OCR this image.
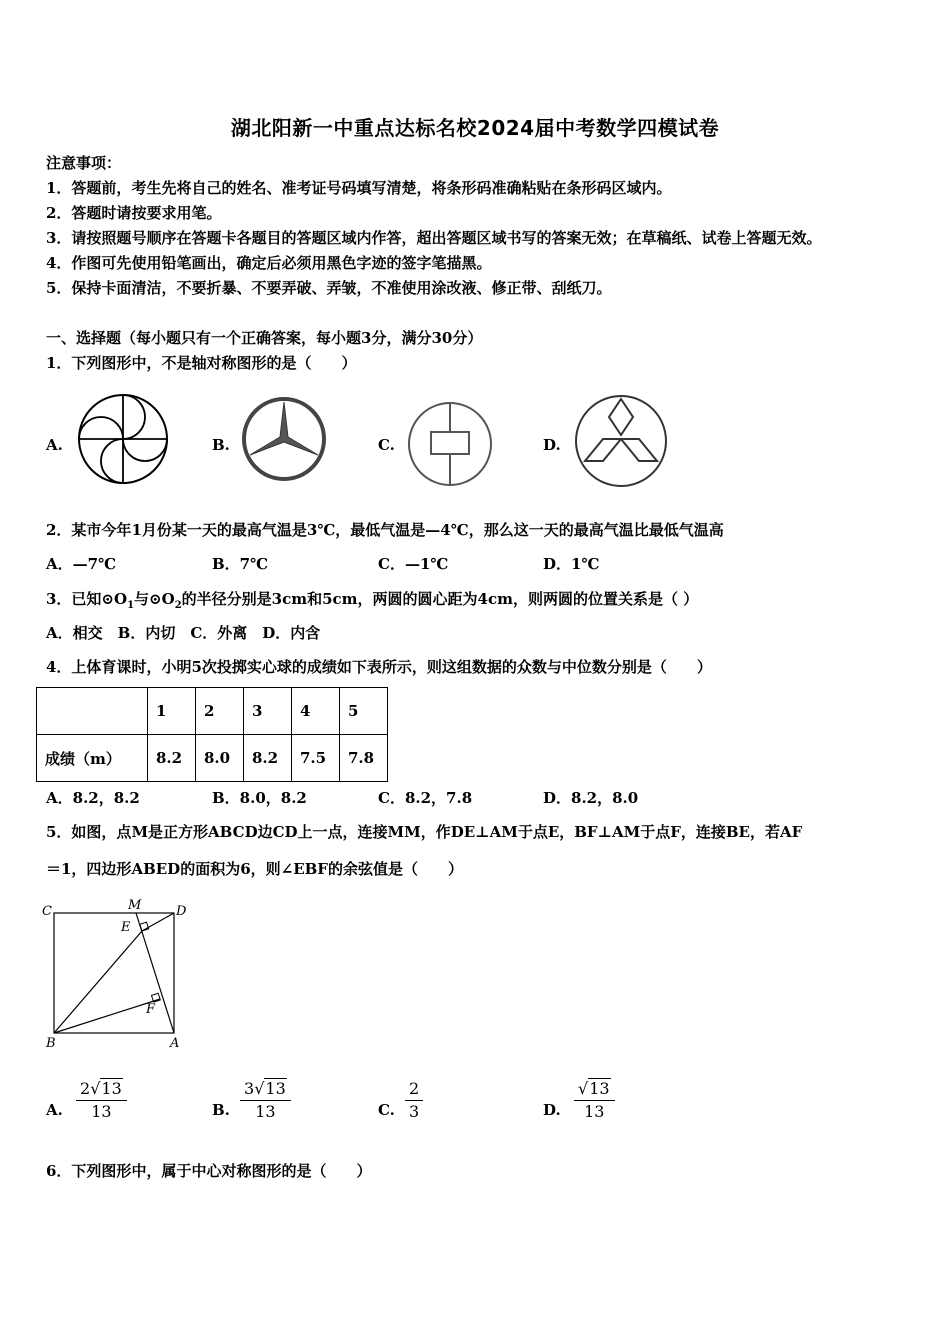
湖北阳新一中重点达标名校2024届中考数学四模试卷
注意事项：
1．答题前，考生先将自己的姓名、准考证号码填写清楚，将条形码准确粘贴在条形码区域内。
2．答题时请按要求用笔。
3．请按照题号顺序在答题卡各题目的答题区域内作答，超出答题区域书写的答案无效；在草稿纸、试卷上答题无效。
4．作图可先使用铅笔画出，确定后必须用黑色字迹的签字笔描黑。
5．保持卡面清洁，不要折暴、不要弄破、弄皱，不准使用涂改液、修正带、刮纸刀。
一、选择题（每小题只有一个正确答案，每小题3分，满分30分）
1．下列图形中，不是轴对称图形的是（　　）
A.	B.	C.	D.
2．某市今年1月份某一天的最高气温是3℃，最低气温是—4℃，那么这一天的最高气温比最低气温高
A．—7℃	B．7℃	C．—1℃	D．1℃
3．已知$⊙O_1$与$⊙O_2$的半径分别是3cm和5cm，两圆的圆心距为4cm，则两圆的位置关系是（ ）
A．相交　B．内切　C．外离　D．内含
4．上体育课时，小明5次投掷实心球的成绩如下表所示，则这组数据的众数与中位数分别是（　　）
	1	2	3	4	5
成绩（m）	8.2	8.0	8.2	7.5	7.8
A．8.2，8.2	B．8.0，8.2	C．8.2，7.8	D．8.2，8.0
5．如图，点M是正方形ABCD边CD上一点，连接MM，作DE⊥AM于点E，BF⊥AM于点F，连接BE，若AF
＝1，四边形ABED的面积为6，则∠EBF的余弦值是（　　）
C	M	D
E
F
B	A
A.	B.	C.	D.
$\frac{2√13}{13}$	$\frac{3√13}{13}$	$\frac{2}{3}$	$\frac{√13}{13}$
6．下列图形中，属于中心对称图形的是（　　）
